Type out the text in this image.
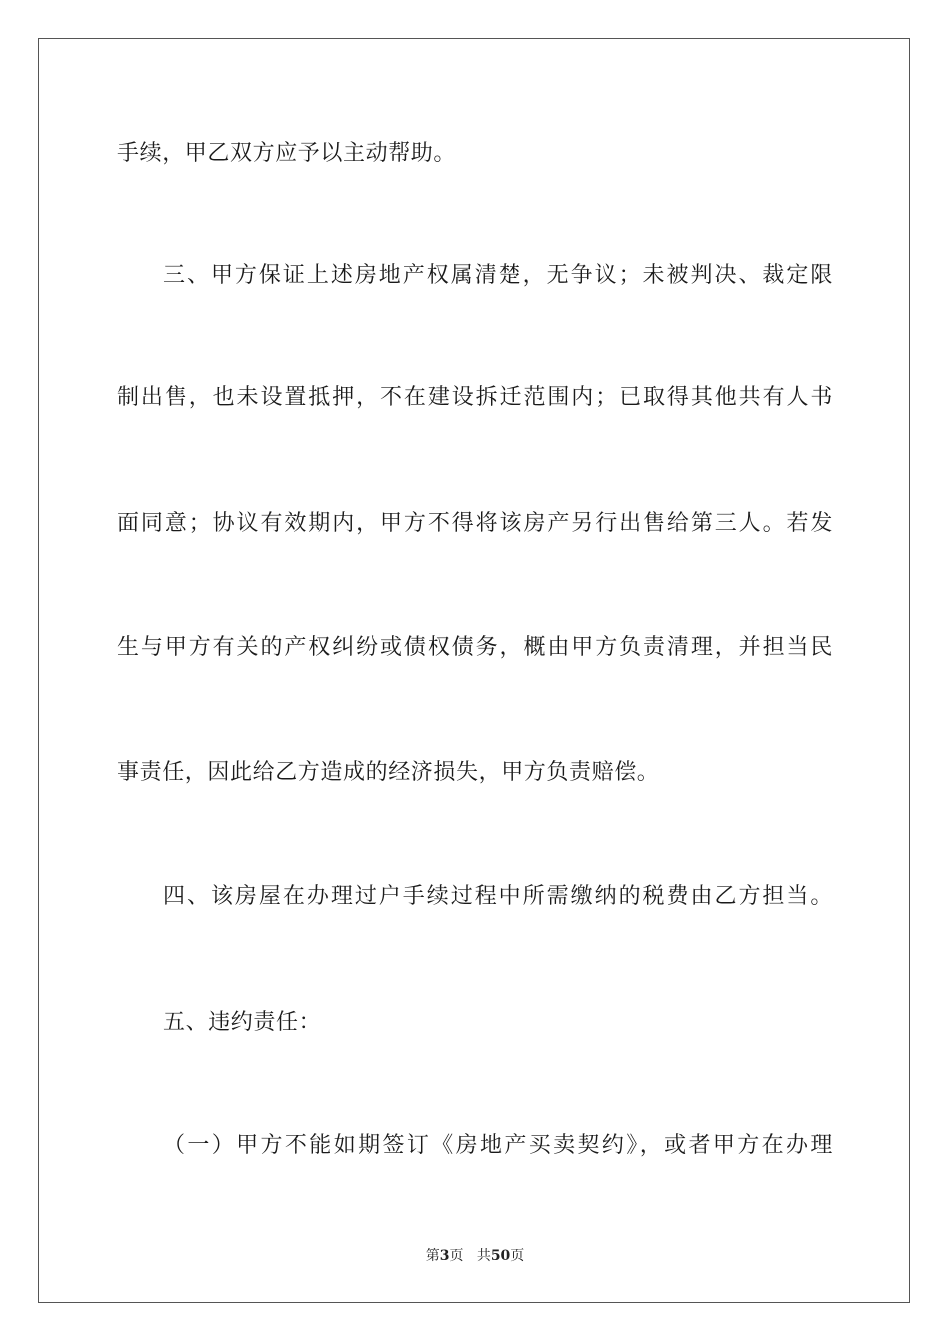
手续，甲乙双方应予以主动帮助。
三、甲方保证上述房地产权属清楚，无争议；未被判决、裁定限
制出售，也未设置抵押，不在建设拆迁范围内；已取得其他共有人书
面同意；协议有效期内，甲方不得将该房产另行出售给第三人。若发
生与甲方有关的产权纠纷或债权债务，概由甲方负责清理，并担当民
事责任，因此给乙方造成的经济损失，甲方负责赔偿。
四、该房屋在办理过户手续过程中所需缴纳的税费由乙方担当。
五、违约责任：
（一）甲方不能如期签订《房地产买卖契约》，或者甲方在办理
第3页 共50页
